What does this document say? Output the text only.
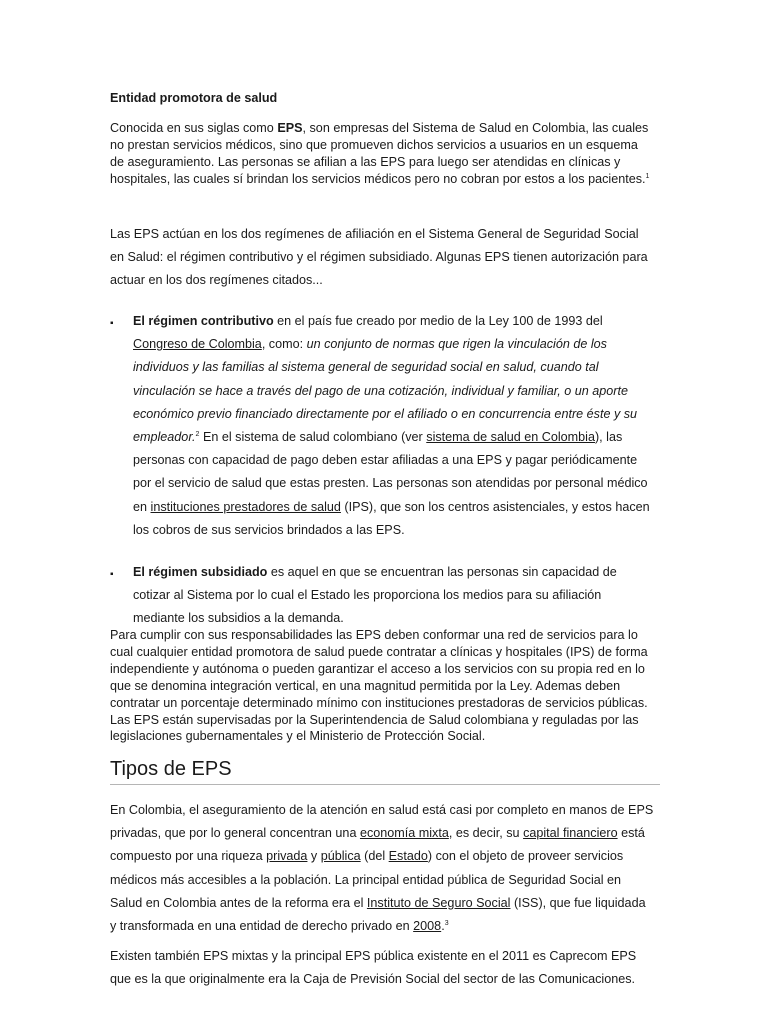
Entidad promotora de salud

Conocida en sus siglas como EPS, son empresas del Sistema de Salud en Colombia, las cuales no prestan servicios médicos, sino que promueven dichos servicios a usuarios en un esquema de aseguramiento. Las personas se afilian a las EPS para luego ser atendidas en clínicas y hospitales, las cuales sí brindan los servicios médicos pero no cobran por estos a los pacientes.$^1$

Las EPS actúan en los dos regímenes de afiliación en el Sistema General de Seguridad Social en Salud: el régimen contributivo y el régimen subsidiado. Algunas EPS tienen autorización para actuar en los dos regímenes citados...

▪ El régimen contributivo en el país fue creado por medio de la Ley 100 de 1993 del Congreso de Colombia, como: un conjunto de normas que rigen la vinculación de los individuos y las familias al sistema general de seguridad social en salud, cuando tal vinculación se hace a través del pago de una cotización, individual y familiar, o un aporte económico previo financiado directamente por el afiliado o en concurrencia entre éste y su empleador.$^2$ En el sistema de salud colombiano (ver sistema de salud en Colombia), las personas con capacidad de pago deben estar afiliadas a una EPS y pagar periódicamente por el servicio de salud que estas presten. Las personas son atendidas por personal médico en instituciones prestadores de salud (IPS), que son los centros asistenciales, y estos hacen los cobros de sus servicios brindados a las EPS.

▪ El régimen subsidiado es aquel en que se encuentran las personas sin capacidad de cotizar al Sistema por lo cual el Estado les proporciona los medios para su afiliación mediante los subsidios a la demanda.

Para cumplir con sus responsabilidades las EPS deben conformar una red de servicios para lo cual cualquier entidad promotora de salud puede contratar a clínicas y hospitales (IPS) de forma independiente y autónoma o pueden garantizar el acceso a los servicios con su propia red en lo que se denomina integración vertical, en una magnitud permitida por la Ley. Ademas deben contratar un porcentaje determinado mínimo con instituciones prestadoras de servicios públicas. Las EPS están supervisadas por la Superintendencia de Salud colombiana y reguladas por las legislaciones gubernamentales y el Ministerio de Protección Social.

Tipos de EPS

En Colombia, el aseguramiento de la atención en salud está casi por completo en manos de EPS privadas, que por lo general concentran una economía mixta, es decir, su capital financiero está compuesto por una riqueza privada y pública (del Estado) con el objeto de proveer servicios médicos más accesibles a la población. La principal entidad pública de Seguridad Social en Salud en Colombia antes de la reforma era el Instituto de Seguro Social (ISS), que fue liquidada y transformada en una entidad de derecho privado en 2008.$^3$

Existen también EPS mixtas y la principal EPS pública existente en el 2011 es Caprecom EPS que es la que originalmente era la Caja de Previsión Social del sector de las Comunicaciones.
